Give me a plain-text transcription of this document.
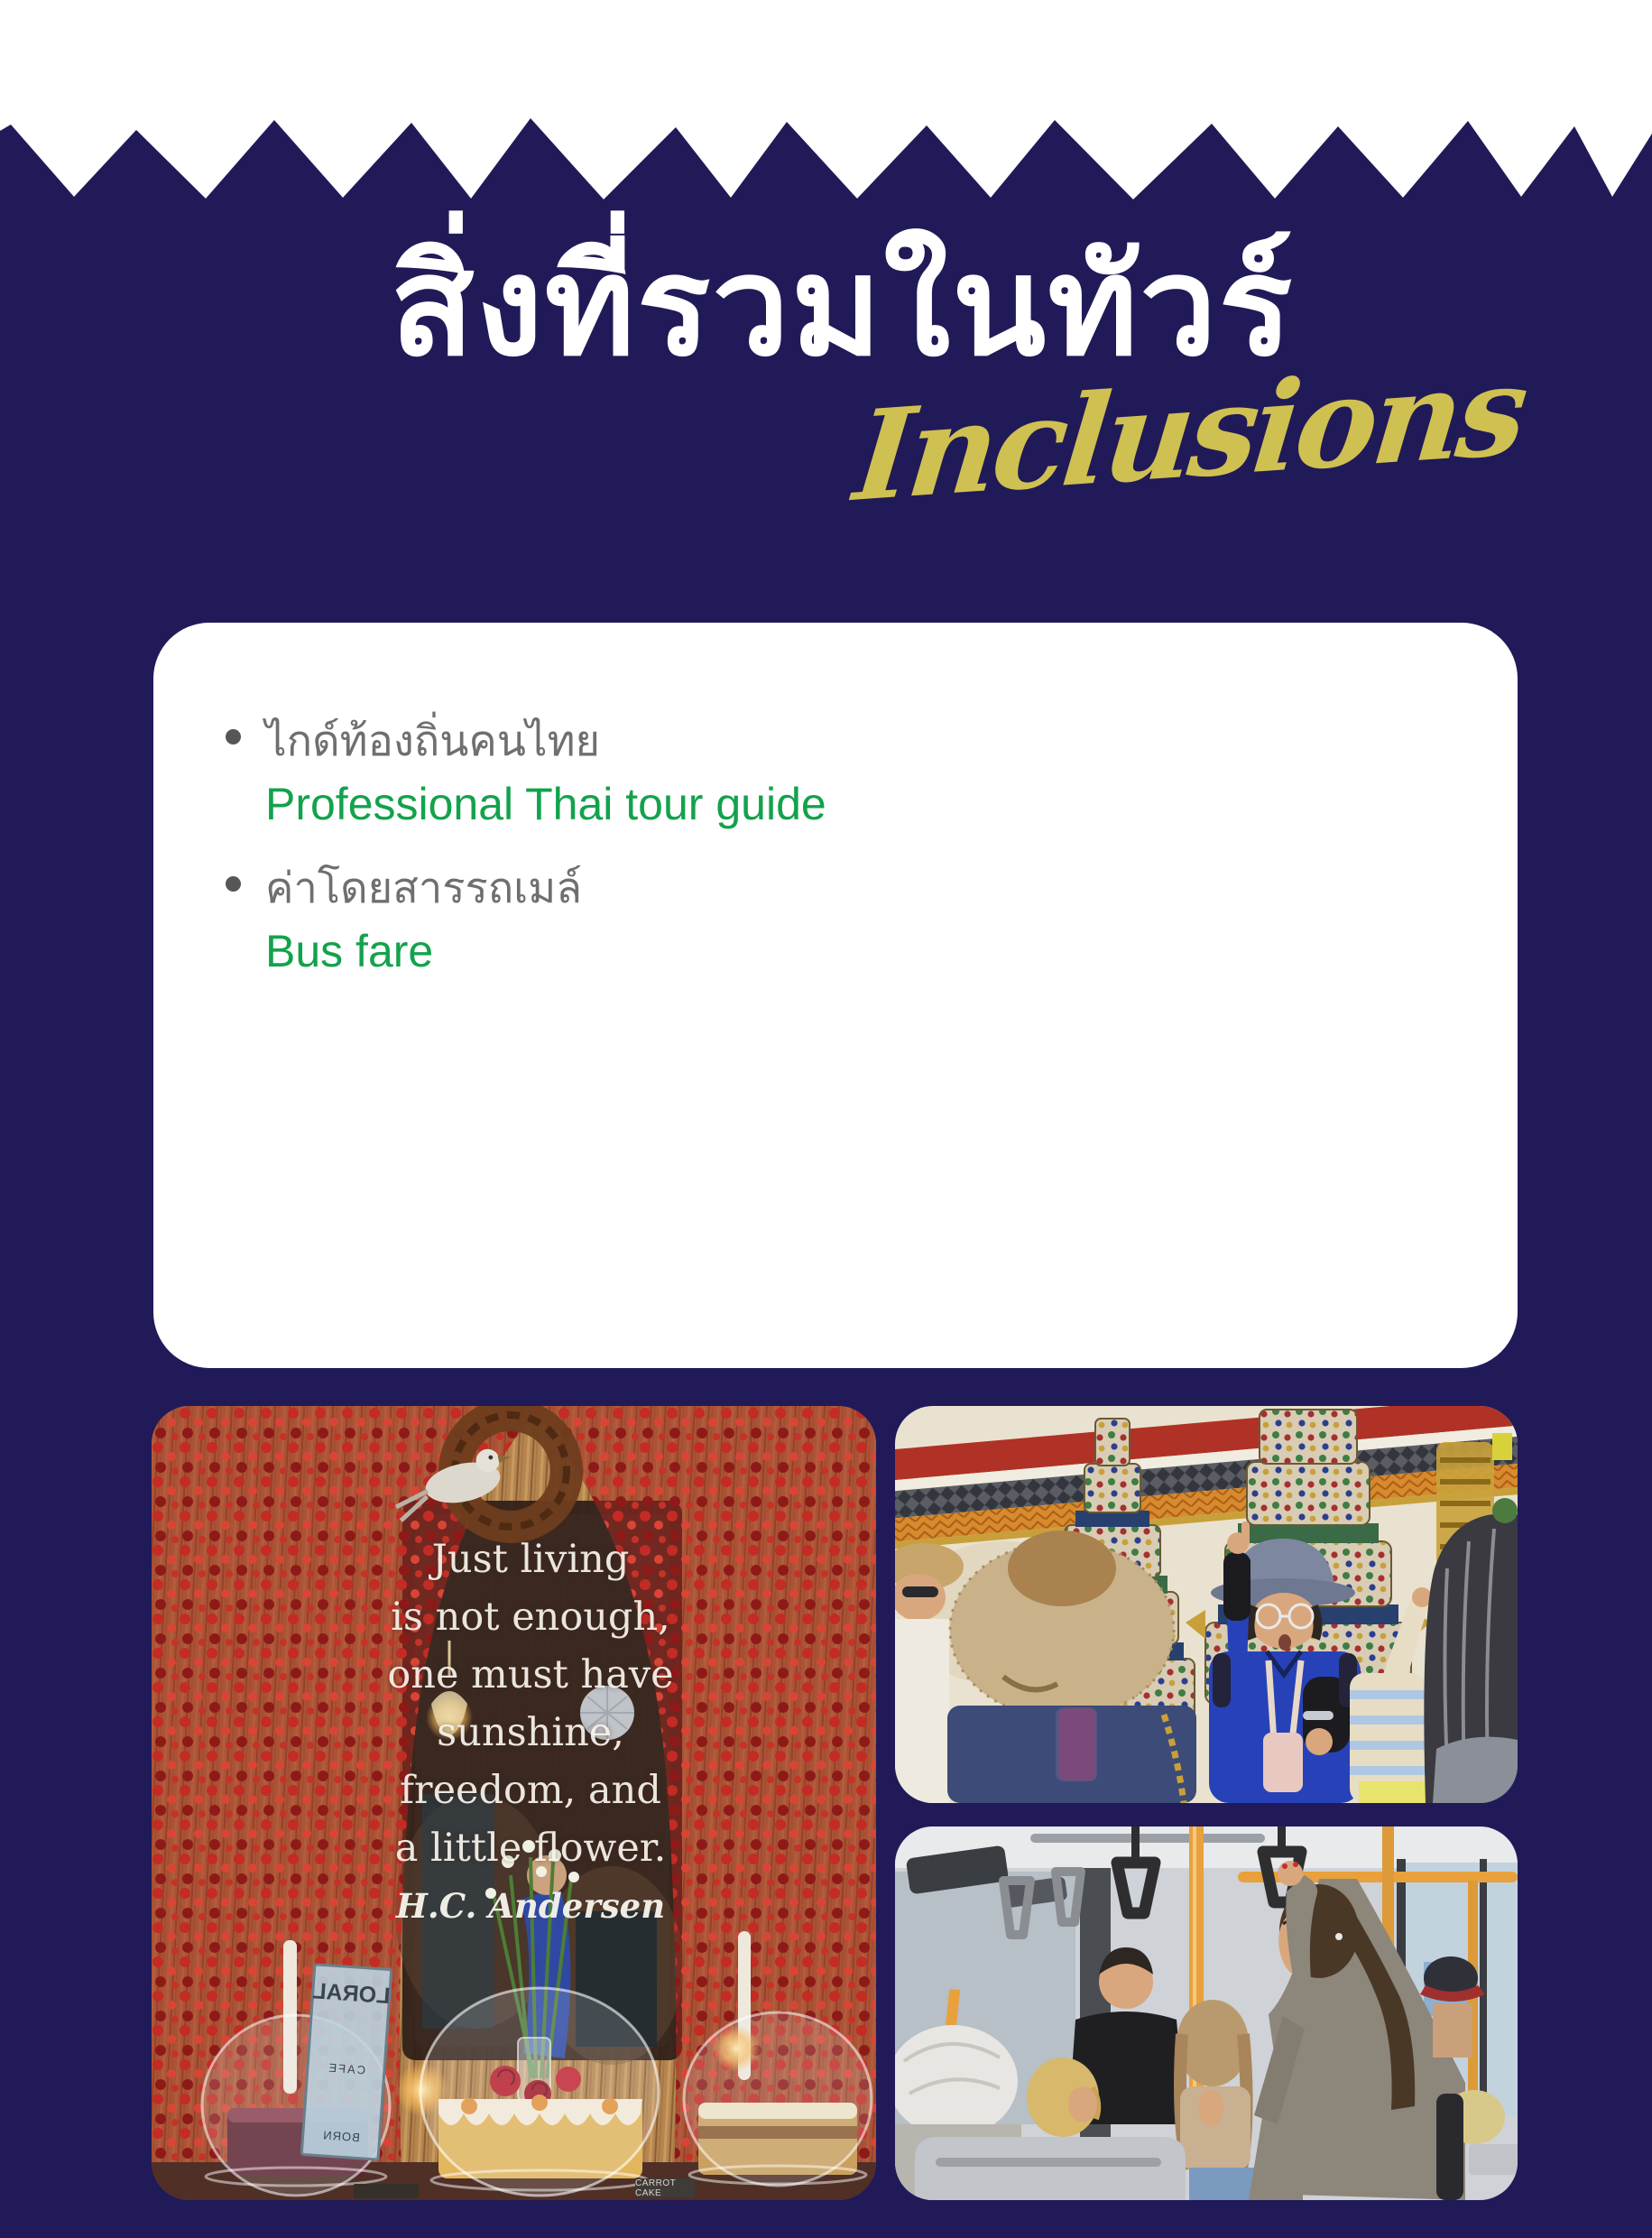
สิ่งที่รวมในทัวร์
Inclusions
ไกด์ท้องถิ่นคนไทย
Professional Thai tour guide
ค่าโดยสารรถเมล์
Bus fare
Just living
is not enough,
one must have
sunshine,
freedom, and
a little flower.
H.C. Andersen
LORAL
CAFE
BORN
CARROT CAKE
